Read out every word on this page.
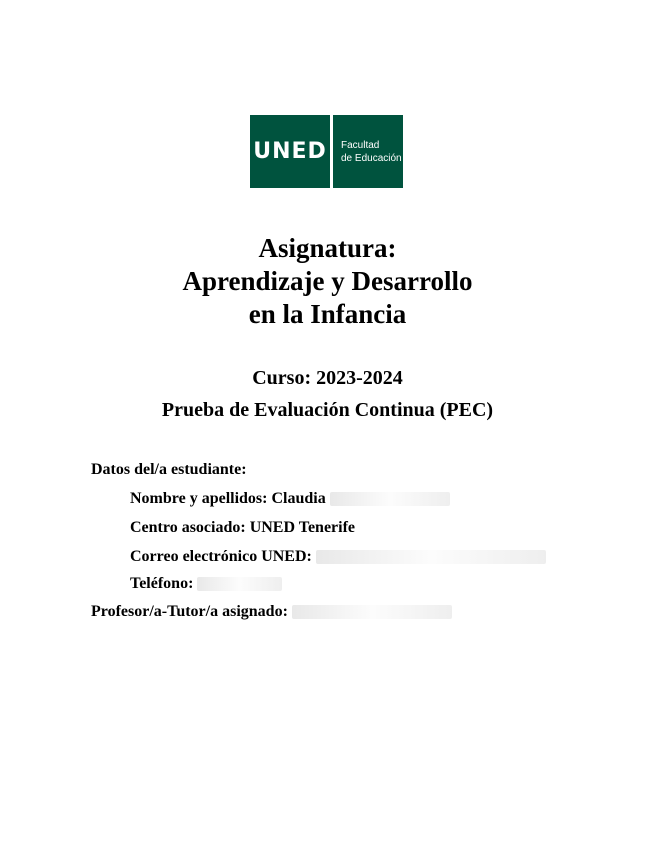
UNED Facultad
de Educación
Asignatura:
Aprendizaje y Desarrollo
en la Infancia
Curso: 2023-2024
Prueba de Evaluación Continua (PEC)
Datos del/a estudiante:
Nombre y apellidos: Claudia
Centro asociado: UNED Tenerife
Correo electrónico UNED:
Teléfono:
Profesor/a-Tutor/a asignado:
